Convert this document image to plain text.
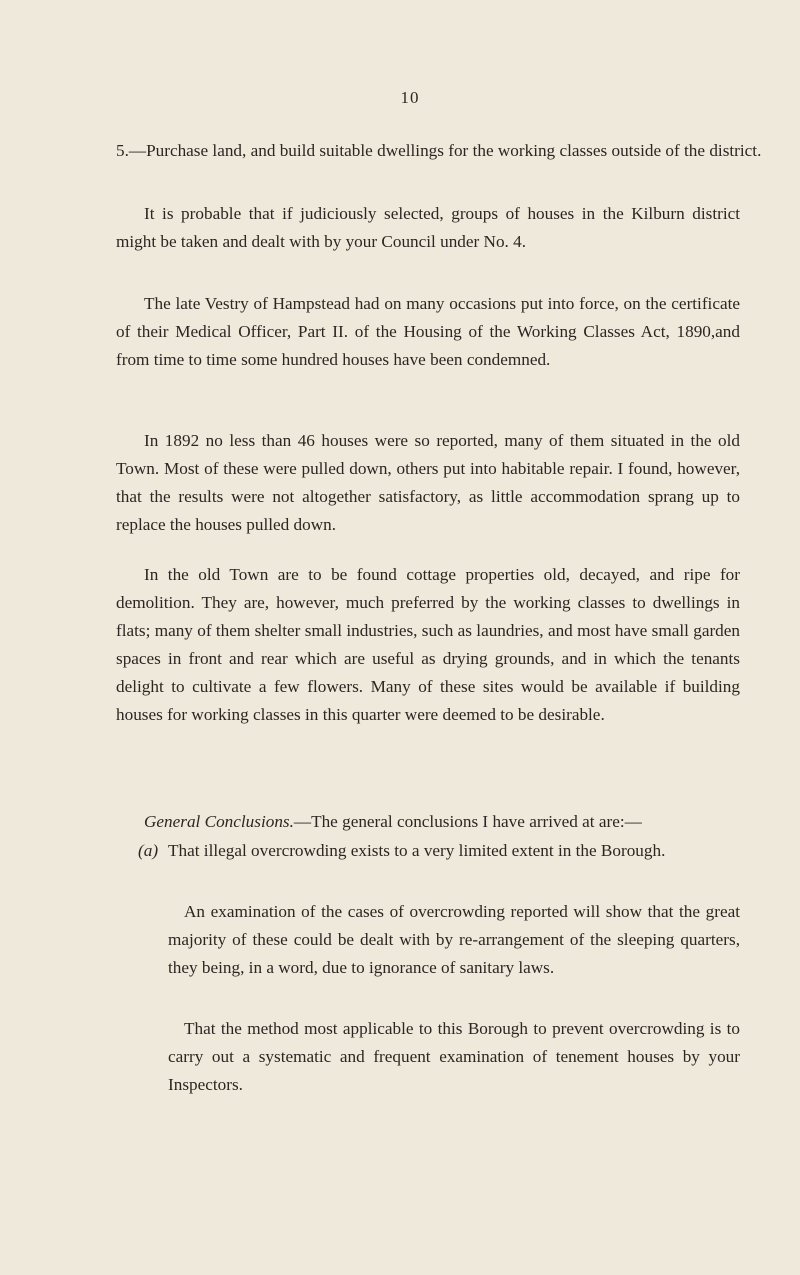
10

5.—Purchase land, and build suitable dwellings for the working classes outside of the district.

It is probable that if judiciously selected, groups of houses in the Kilburn district might be taken and dealt with by your Council under No. 4.

The late Vestry of Hampstead had on many occasions put into force, on the certificate of their Medical Officer, Part II. of the Housing of the Working Classes Act, 1890,and from time to time some hundred houses have been condemned.

In 1892 no less than 46 houses were so reported, many of them situated in the old Town. Most of these were pulled down, others put into habitable repair. I found, however, that the results were not altogether satisfactory, as little accommodation sprang up to replace the houses pulled down.

In the old Town are to be found cottage properties old, decayed, and ripe for demolition. They are, however, much preferred by the working classes to dwellings in flats; many of them shelter small industries, such as laundries, and most have small garden spaces in front and rear which are useful as drying grounds, and in which the tenants delight to cultivate a few flowers. Many of these sites would be available if building houses for working classes in this quarter were deemed to be desirable.

General Conclusions.—The general conclusions I have arrived at are:—

(a) That illegal overcrowding exists to a very limited extent in the Borough.

An examination of the cases of overcrowding reported will show that the great majority of these could be dealt with by re-arrangement of the sleeping quarters, they being, in a word, due to ignorance of sanitary laws.

That the method most applicable to this Borough to prevent overcrowding is to carry out a systematic and frequent examination of tenement houses by your Inspectors.
